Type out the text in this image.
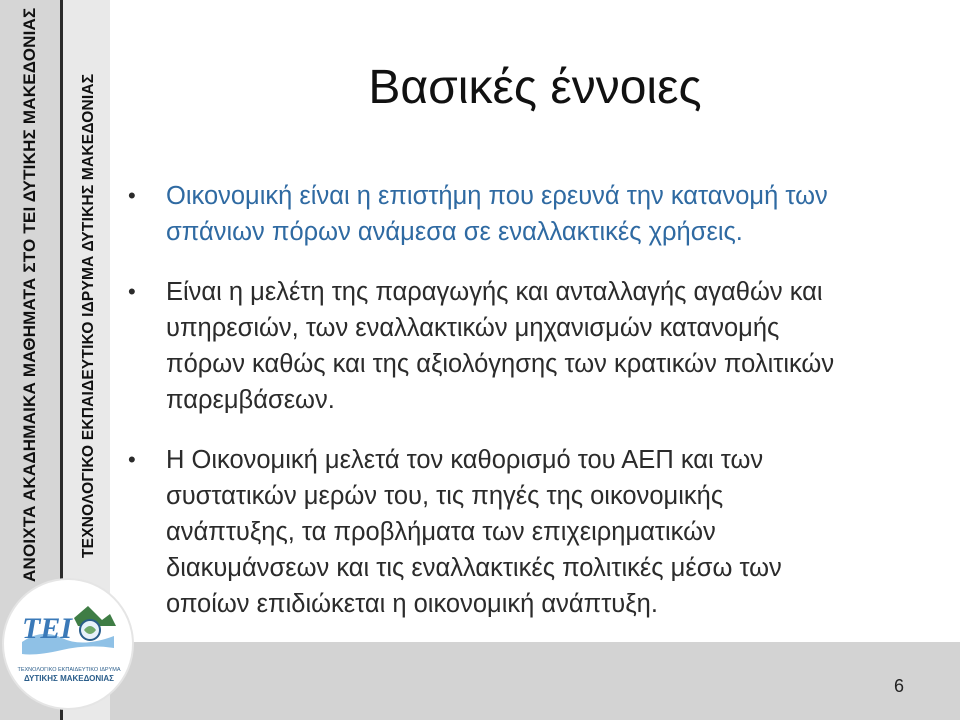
ΑΝΟΙΧΤΑ ΑΚΑΔΗΜΑΙΚΑ ΜΑΘΗΜΑΤΑ ΣΤΟ ΤΕΙ ΔΥΤΙΚΗΣ ΜΑΚΕΔΟΝΙΑΣ	ΤΕΧΝΟΛΟΓΙΚΟ ΕΚΠΑΙΔΕΥΤΙΚΟ ΙΔΡΥΜΑ ΔΥΤΙΚΗΣ ΜΑΚΕΔΟΝΙΑΣ
ΤΕΙ
ΤΕΧΝΟΛΟΓΙΚΟ ΕΚΠΑΙΔΕΥΤΙΚΟ ΙΔΡΥΜΑ
ΔΥΤΙΚΗΣ ΜΑΚΕΔΟΝΙΑΣ
Βασικές έννοιες
• Οικονομική είναι η επιστήμη που ερευνά την κατανομή των σπάνιων πόρων ανάμεσα σε εναλλακτικές χρήσεις.
• Είναι η μελέτη της παραγωγής και ανταλλαγής αγαθών και υπηρεσιών, των εναλλακτικών μηχανισμών κατανομής πόρων καθώς και της αξιολόγησης των κρατικών πολιτικών παρεμβάσεων.
• Η Οικονομική μελετά τον καθορισμό του ΑΕΠ και των συστατικών μερών του, τις πηγές της οικονομικής ανάπτυξης, τα προβλήματα των επιχειρηματικών διακυμάνσεων και τις εναλλακτικές πολιτικές μέσω των οποίων επιδιώκεται η οικονομική ανάπτυξη.
6
